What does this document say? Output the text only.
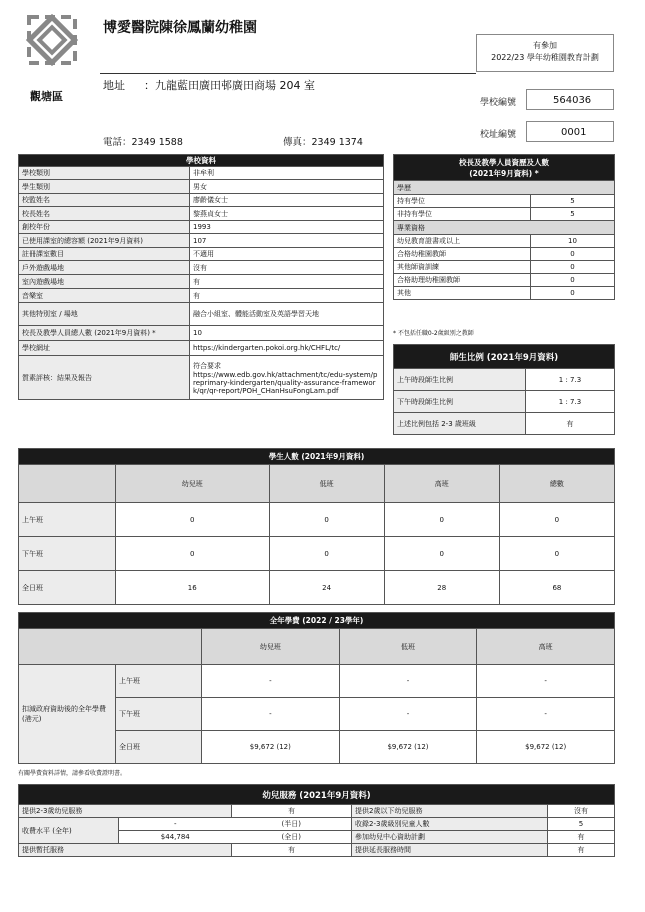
觀塘區
博愛醫院陳徐鳳蘭幼稚園
有參加
2022/23 學年幼稚園教育計劃
地址 ：九龍藍田廣田邨廣田商場 204 室
學校編號	564036
校址編號	0001
電話：2349 1588	傳真：2349 1374
學校資料	
學校類別	非牟利
學生類別	男女
校監姓名	廖齡儀女士
校長姓名	黎燕貞女士
創校年份	1993
已使用課室的總容額 (2021年9月資料)	107
註冊課室數目	不適用
戶外遊戲場地	沒有
室內遊戲場地	有
音樂室	有
其他特別室 / 場地	融合小組室、體能活動室及英語學習天地
校長及教學人員總人數 (2021年9月資料) *	10
學校網址	https://kindergarten.pokoi.org.hk/CHFL/tc/
質素評核：結果及報告	符合要求
https://www.edb.gov.hk/attachment/tc/edu-system/preprimary-kindergarten/quality-assurance-framework/qr/qr-report/POH_CHanHsuFongLam.pdf
校長及教學人員資歷及人數
(2021年9月資料) *	

學歷	
持有學位	5
非持有學位	5
專業資格	
幼兒教育證書或以上	10
合格幼稚園教師	0
其他師資訓練	0
合格助理幼稚園教師	0
其他	0
* 不包括任職0-2歲級別之教師
師生比例 (2021年9月資料)	
上午時段師生比例	1 : 7.3
下午時段師生比例	1 : 7.3
上述比例包括 2-3 歲班級	有
學生人數 (2021年9月資料)				
	幼兒班	低班	高班	總數
上午班	0	0	0	0
下午班	0	0	0	0
全日班	16	24	28	68
全年學費 (2022 / 23學年)				
		幼兒班	低班	高班
扣減政府資助後的全年學費
(港元)	上午班	-	-	-
	下午班	-	-	-
	全日班	$9,672 (12)	$9,672 (12)	$9,672 (12)
有關學費資料詳情，請參看收費證明書。
幼兒服務 (2021年9月資料)				
提供2-3歲幼兒服務		有	提供2歲以下幼兒服務	沒有
收費水平 (全年)	-	(半日)	收錄2-3歲級別兒童人數	5
	$44,784	(全日)	參加幼兒中心資助計劃	有
提供暫托服務		有	提供延長服務時間	有
